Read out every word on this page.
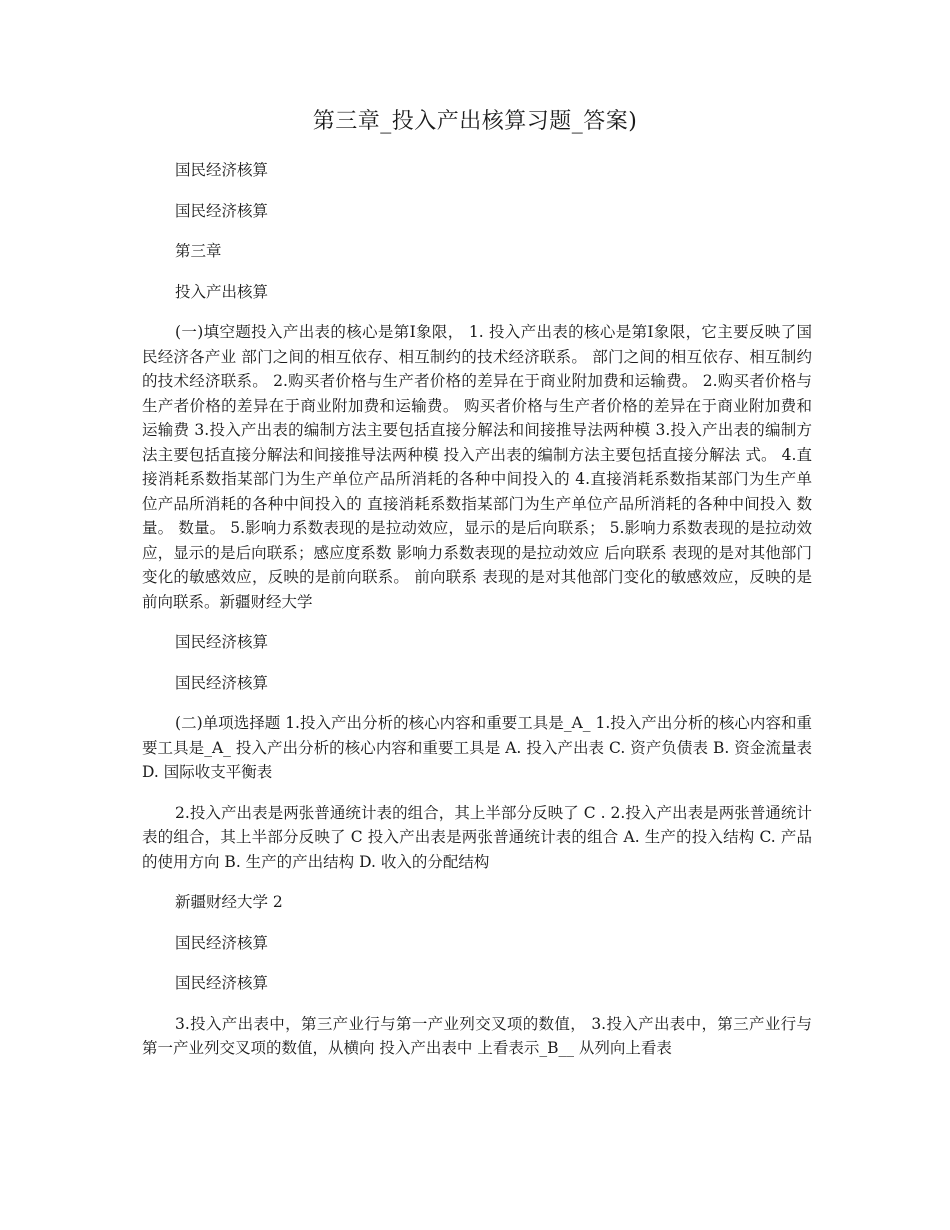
第三章_投入产出核算习题_答案)

国民经济核算

国民经济核算

第三章

投入产出核算

(一)填空题投入产出表的核心是第Ⅰ象限， 1. 投入产出表的核心是第Ⅰ象限，它主要反映了国民经济各产业 部门之间的相互依存、相互制约的技术经济联系。 部门之间的相互依存、相互制约的技术经济联系。 2.购买者价格与生产者价格的差异在于商业附加费和运输费。 2.购买者价格与生产者价格的差异在于商业附加费和运输费。 购买者价格与生产者价格的差异在于商业附加费和运输费 3.投入产出表的编制方法主要包括直接分解法和间接推导法两种模 3.投入产出表的编制方法主要包括直接分解法和间接推导法两种模 投入产出表的编制方法主要包括直接分解法 式。 4.直接消耗系数指某部门为生产单位产品所消耗的各种中间投入的 4.直接消耗系数指某部门为生产单位产品所消耗的各种中间投入的 直接消耗系数指某部门为生产单位产品所消耗的各种中间投入 数量。 数量。 5.影响力系数表现的是拉动效应，显示的是后向联系； 5.影响力系数表现的是拉动效应，显示的是后向联系；感应度系数 影响力系数表现的是拉动效应 后向联系 表现的是对其他部门变化的敏感效应，反映的是前向联系。 前向联系 表现的是对其他部门变化的敏感效应，反映的是前向联系。新疆财经大学

国民经济核算

国民经济核算

(二)单项选择题 1.投入产出分析的核心内容和重要工具是_A_ 1.投入产出分析的核心内容和重要工具是_A_ 投入产出分析的核心内容和重要工具是 A. 投入产出表 C. 资产负债表 B. 资金流量表 D. 国际收支平衡表

2.投入产出表是两张普通统计表的组合，其上半部分反映了 C . 2.投入产出表是两张普通统计表的组合，其上半部分反映了 C 投入产出表是两张普通统计表的组合 A. 生产的投入结构 C. 产品的使用方向 B. 生产的产出结构 D. 收入的分配结构

新疆财经大学 2

国民经济核算

国民经济核算

3.投入产出表中，第三产业行与第一产业列交叉项的数值， 3.投入产出表中，第三产业行与第一产业列交叉项的数值，从横向 投入产出表中 上看表示_B__ 从列向上看表
